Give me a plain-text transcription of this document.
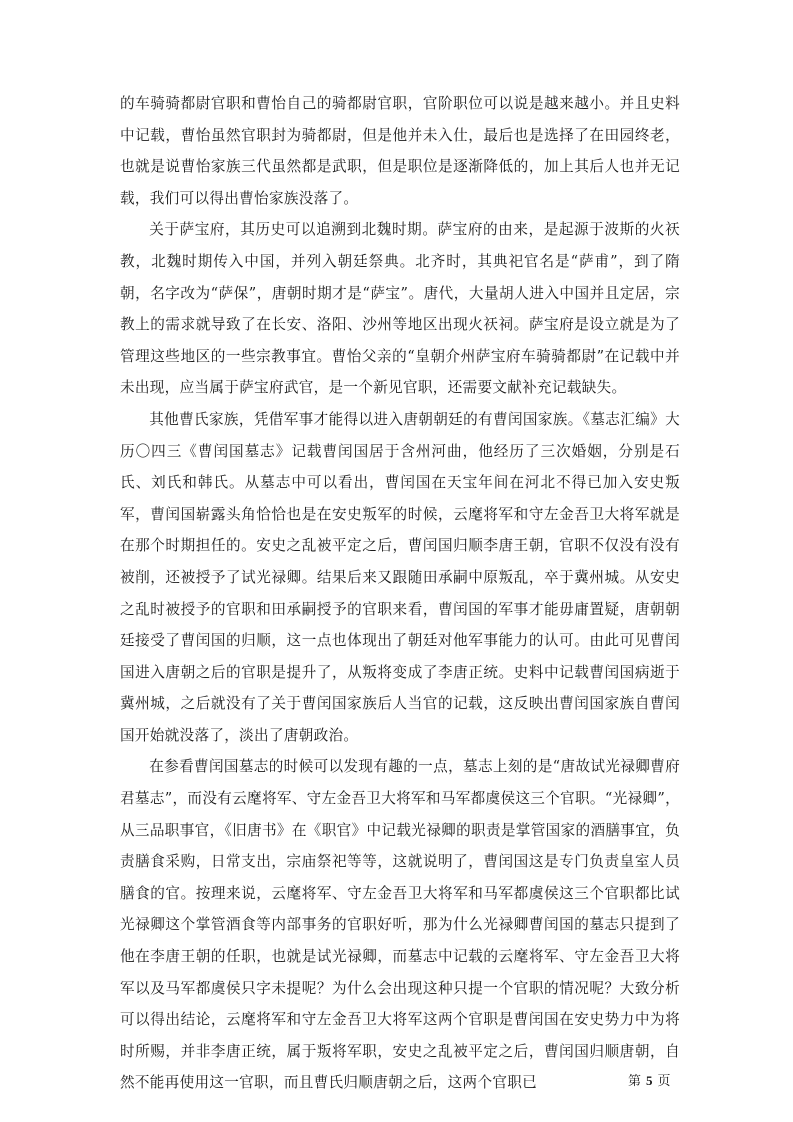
的车骑骑都尉官职和曹怡自己的骑都尉官职，官阶职位可以说是越来越小。并且史料中记载，曹怡虽然官职封为骑都尉，但是他并未入仕，最后也是选择了在田园终老，也就是说曹怡家族三代虽然都是武职，但是职位是逐渐降低的，加上其后人也并无记载，我们可以得出曹怡家族没落了。

关于萨宝府，其历史可以追溯到北魏时期。萨宝府的由来，是起源于波斯的火祆教，北魏时期传入中国，并列入朝廷祭典。北齐时，其典祀官名是“萨甫”，到了隋朝，名字改为“萨保”，唐朝时期才是“萨宝”。唐代，大量胡人进入中国并且定居，宗教上的需求就导致了在长安、洛阳、沙州等地区出现火祆祠。萨宝府是设立就是为了管理这些地区的一些宗教事宜。曹怡父亲的“皇朝介州萨宝府车骑骑都尉”在记载中并未出现，应当属于萨宝府武官，是一个新见官职，还需要文献补充记载缺失。

其他曹氏家族，凭借军事才能得以进入唐朝朝廷的有曹闰国家族。《墓志汇编》大历〇四三《曹闰国墓志》记载曹闰国居于含州河曲，他经历了三次婚姻，分别是石氏、刘氏和韩氏。从墓志中可以看出，曹闰国在天宝年间在河北不得已加入安史叛军，曹闰国崭露头角恰恰也是在安史叛军的时候，云麾将军和守左金吾卫大将军就是在那个时期担任的。安史之乱被平定之后，曹闰国归顺李唐王朝，官职不仅没有没有被削，还被授予了试光禄卿。结果后来又跟随田承嗣中原叛乱，卒于冀州城。从安史之乱时被授予的官职和田承嗣授予的官职来看，曹闰国的军事才能毋庸置疑，唐朝朝廷接受了曹闰国的归顺，这一点也体现出了朝廷对他军事能力的认可。由此可见曹闰国进入唐朝之后的官职是提升了，从叛将变成了李唐正统。史料中记载曹闰国病逝于冀州城，之后就没有了关于曹闰国家族后人当官的记载，这反映出曹闰国家族自曹闰国开始就没落了，淡出了唐朝政治。

在参看曹闰国墓志的时候可以发现有趣的一点，墓志上刻的是“唐故试光禄卿曹府君墓志”，而没有云麾将军、守左金吾卫大将军和马军都虞侯这三个官职。“光禄卿”，从三品职事官，《旧唐书》在《职官》中记载光禄卿的职责是掌管国家的酒膳事宜，负责膳食采购，日常支出，宗庙祭祀等等，这就说明了，曹闰国这是专门负责皇室人员膳食的官。按理来说，云麾将军、守左金吾卫大将军和马军都虞侯这三个官职都比试光禄卿这个掌管酒食等内部事务的官职好听，那为什么光禄卿曹闰国的墓志只提到了他在李唐王朝的任职，也就是试光禄卿，而墓志中记载的云麾将军、守左金吾卫大将军以及马军都虞侯只字未提呢？为什么会出现这种只提一个官职的情况呢？大致分析可以得出结论，云麾将军和守左金吾卫大将军这两个官职是曹闰国在安史势力中为将时所赐，并非李唐正统，属于叛将军职，安史之乱被平定之后，曹闰国归顺唐朝，自然不能再使用这一官职，而且曹氏归顺唐朝之后，这两个官职已	第 5 页
